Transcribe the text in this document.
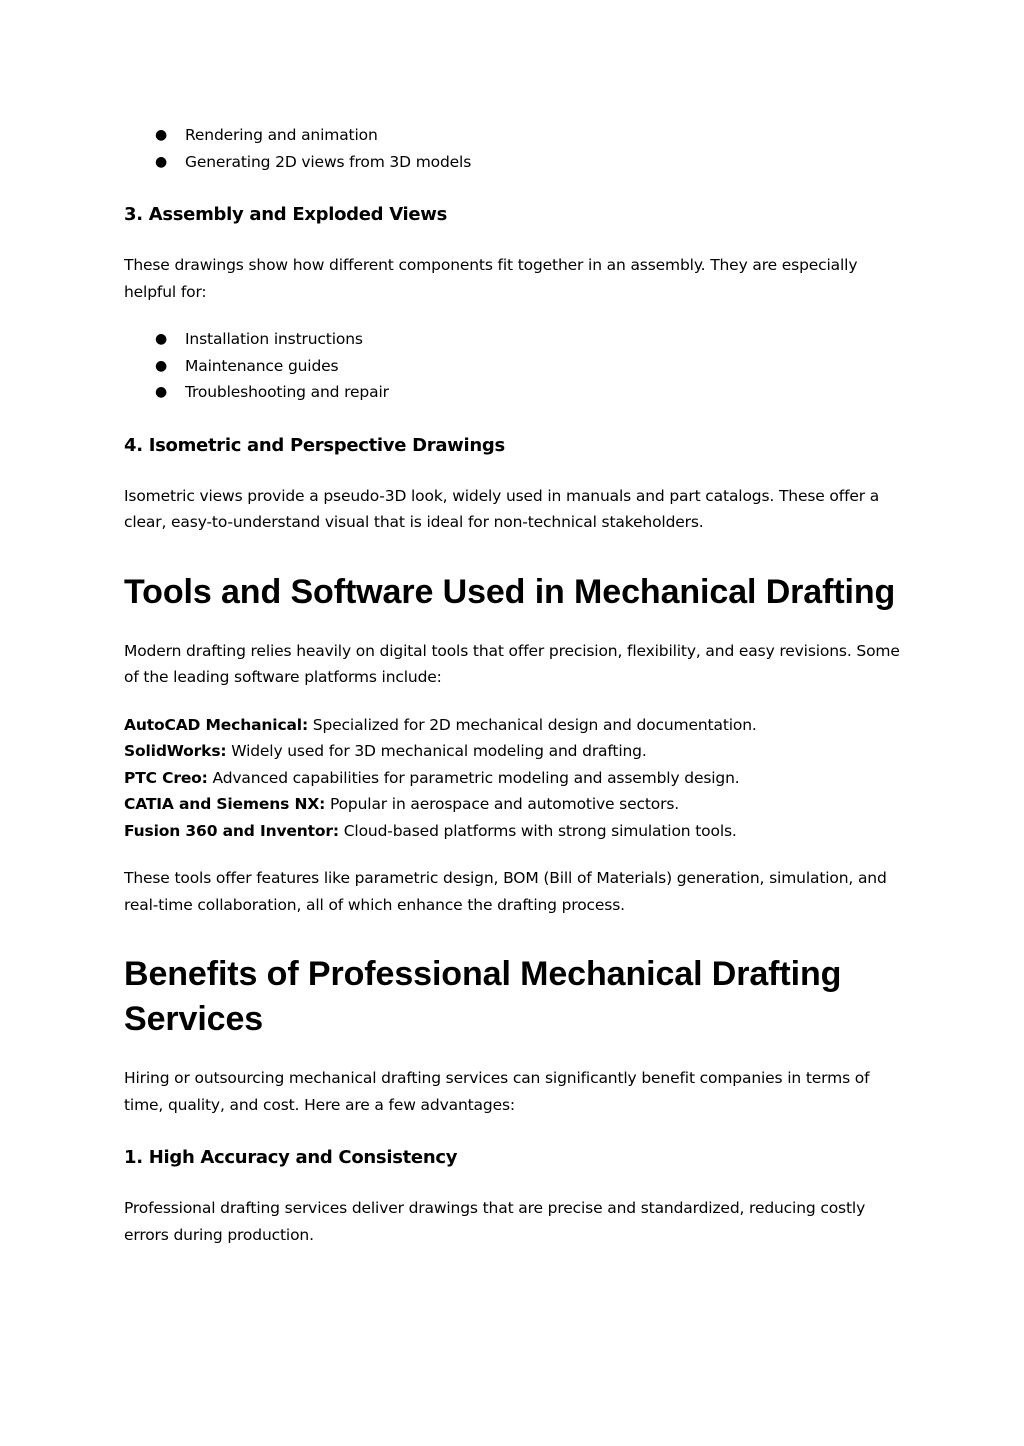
● Rendering and animation
● Generating 2D views from 3D models
3. Assembly and Exploded Views

These drawings show how different components fit together in an assembly. They are especially helpful for:

● Installation instructions
● Maintenance guides
● Troubleshooting and repair
4. Isometric and Perspective Drawings

Isometric views provide a pseudo-3D look, widely used in manuals and part catalogs. These offer a clear, easy-to-understand visual that is ideal for non-technical stakeholders.

Tools and Software Used in Mechanical Drafting

Modern drafting relies heavily on digital tools that offer precision, flexibility, and easy revisions. Some of the leading software platforms include:

AutoCAD Mechanical: Specialized for 2D mechanical design and documentation.
SolidWorks: Widely used for 3D mechanical modeling and drafting.
PTC Creo: Advanced capabilities for parametric modeling and assembly design.
CATIA and Siemens NX: Popular in aerospace and automotive sectors.
Fusion 360 and Inventor: Cloud-based platforms with strong simulation tools.

These tools offer features like parametric design, BOM (Bill of Materials) generation, simulation, and real-time collaboration, all of which enhance the drafting process.

Benefits of Professional Mechanical Drafting Services

Hiring or outsourcing mechanical drafting services can significantly benefit companies in terms of time, quality, and cost. Here are a few advantages:

1. High Accuracy and Consistency

Professional drafting services deliver drawings that are precise and standardized, reducing costly errors during production.
